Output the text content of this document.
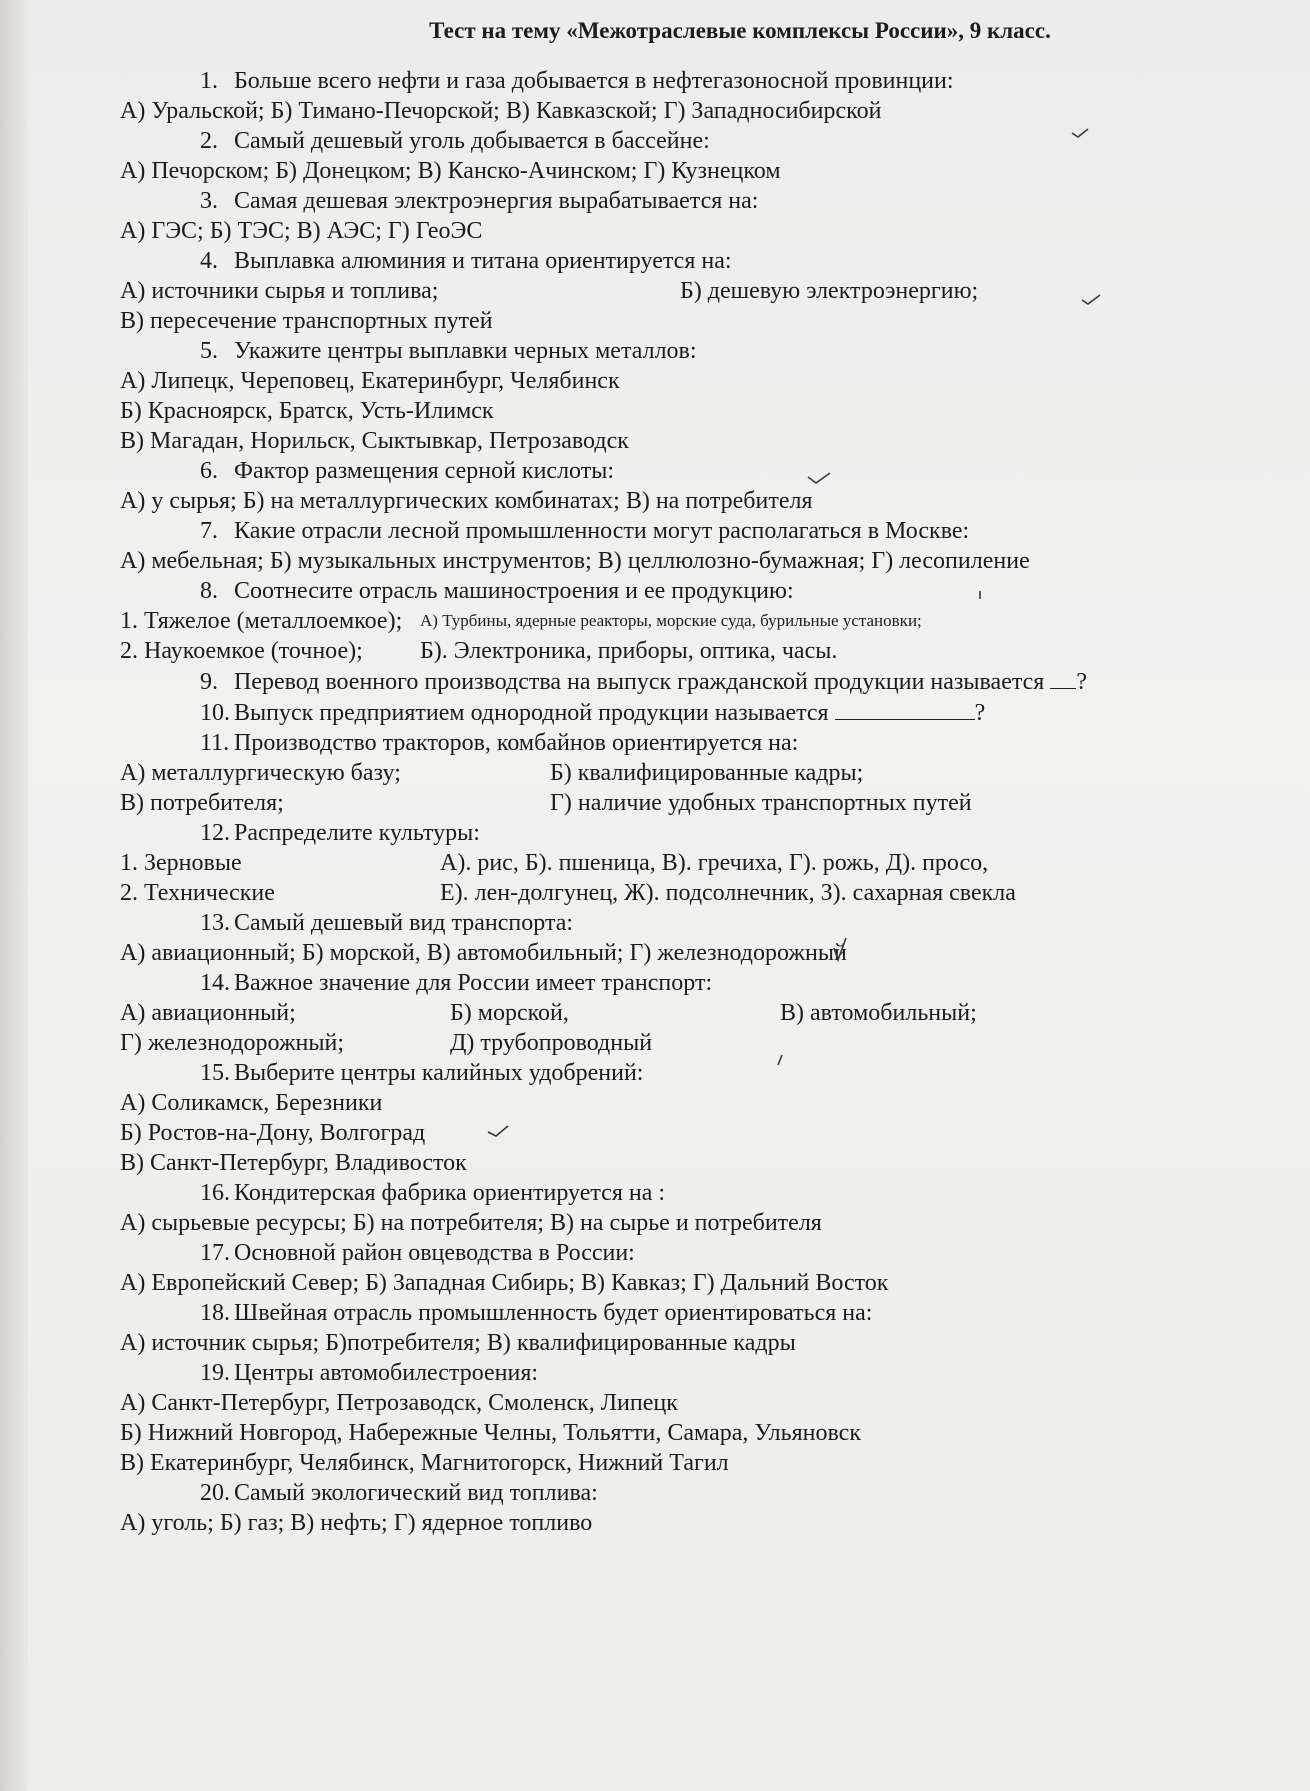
Тест на тему «Межотраслевые комплексы России», 9 класс.
1. Больше всего нефти и газа добывается в нефтегазоносной провинции:
А) Уральской; Б) Тимано-Печорской; В) Кавказской; Г) Западносибирской
2. Самый дешевый уголь добывается в бассейне:
А) Печорском; Б) Донецком; В) Канско-Ачинском; Г) Кузнецком
3. Самая дешевая электроэнергия вырабатывается на:
А) ГЭС; Б) ТЭС; В) АЭС; Г) ГеоЭС
4. Выплавка алюминия и титана ориентируется на:
А) источники сырья и топлива;	Б) дешевую электроэнергию;
В) пересечение транспортных путей
5. Укажите центры выплавки черных металлов:
А) Липецк, Череповец, Екатеринбург, Челябинск
Б) Красноярск, Братск, Усть-Илимск
В) Магадан, Норильск, Сыктывкар, Петрозаводск
6. Фактор размещения серной кислоты:
А) у сырья; Б) на металлургических комбинатах; В) на потребителя
7. Какие отрасли лесной промышленности могут располагаться в Москве:
А) мебельная; Б) музыкальных инструментов; В) целлюлозно-бумажная; Г) лесопиление
8. Соотнесите отрасль машиностроения и ее продукцию:
1. Тяжелое (металлоемкое);	А) Турбины, ядерные реакторы, морские суда, бурильные установки;
2. Наукоемкое (точное);	Б). Электроника, приборы, оптика, часы.
9. Перевод военного производства на выпуск гражданской продукции называется ?
10. Выпуск предприятием однородной продукции называется	?
11. Производство тракторов, комбайнов ориентируется на:
А) металлургическую базу;	Б) квалифицированные кадры;
В) потребителя;	Г) наличие удобных транспортных путей
12. Распределите культуры:
1. Зерновые	А). рис, Б). пшеница, В). гречиха, Г). рожь, Д). просо,
2. Технические	Е). лен-долгунец, Ж). подсолнечник, З). сахарная свекла
13. Самый дешевый вид транспорта:
А) авиационный; Б) морской, В) автомобильный; Г) железнодорожный
14. Важное значение для России имеет транспорт:
А) авиационный;	Б) морской,	В) автомобильный;
Г) железнодорожный;	Д) трубопроводный
15. Выберите центры калийных удобрений:
А) Соликамск, Березники
Б) Ростов-на-Дону, Волгоград
В) Санкт-Петербург, Владивосток
16. Кондитерская фабрика ориентируется на :
А) сырьевые ресурсы; Б) на потребителя; В) на сырье и потребителя
17. Основной район овцеводства в России:
А) Европейский Север; Б) Западная Сибирь; В) Кавказ; Г) Дальний Восток
18. Швейная отрасль промышленность будет ориентироваться на:
А) источник сырья; Б)потребителя; В) квалифицированные кадры
19. Центры автомобилестроения:
А) Санкт-Петербург, Петрозаводск, Смоленск, Липецк
Б) Нижний Новгород, Набережные Челны, Тольятти, Самара, Ульяновск
В) Екатеринбург, Челябинск, Магнитогорск, Нижний Тагил
20. Самый экологический вид топлива:
А) уголь; Б) газ; В) нефть; Г) ядерное топливо
